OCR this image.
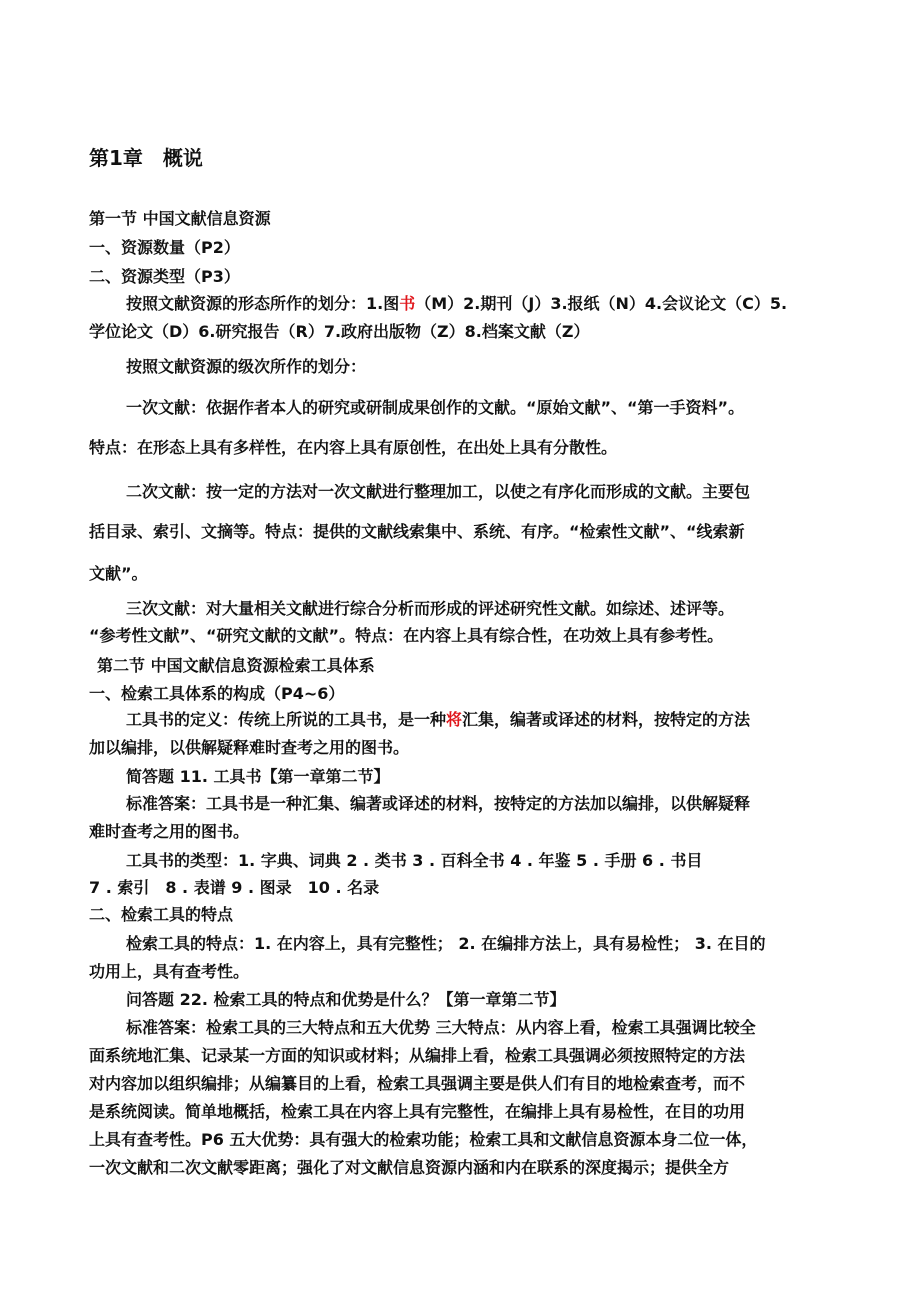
第1章　概说
第一节 中国文献信息资源
一、资源数量（P2）
二、资源类型（P3）
按照文献资源的形态所作的划分：1.图书（M）2.期刊（J）3.报纸（N）4.会议论文（C）5.
学位论文（D）6.研究报告（R）7.政府出版物（Z）8.档案文献（Z）
按照文献资源的级次所作的划分：
一次文献：依据作者本人的研究或研制成果创作的文献。“原始文献”、“第一手资料”。
特点：在形态上具有多样性，在内容上具有原创性，在出处上具有分散性。
二次文献：按一定的方法对一次文献进行整理加工，以使之有序化而形成的文献。主要包
括目录、索引、文摘等。特点：提供的文献线索集中、系统、有序。“检索性文献”、“线索新
文献”。
三次文献：对大量相关文献进行综合分析而形成的评述研究性文献。如综述、述评等。
“参考性文献”、“研究文献的文献”。特点：在内容上具有综合性，在功效上具有参考性。
第二节 中国文献信息资源检索工具体系
一、检索工具体系的构成（P4~6）
工具书的定义：传统上所说的工具书，是一种将汇集，编著或译述的材料，按特定的方法
加以编排，以供解疑释难时查考之用的图书。
简答题 11. 工具书【第一章第二节】
标准答案：工具书是一种汇集、编著或译述的材料，按特定的方法加以编排，以供解疑释
难时查考之用的图书。
工具书的类型：1. 字典、词典 2 . 类书 3 . 百科全书 4 . 年鉴 5 . 手册 6 . 书目
7 . 索引　8 . 表谱 9 . 图录　10 . 名录
二、检索工具的特点
检索工具的特点：1. 在内容上，具有完整性； 2. 在编排方法上，具有易检性； 3. 在目的
功用上，具有查考性。
问答题 22. 检索工具的特点和优势是什么？【第一章第二节】
标准答案：检索工具的三大特点和五大优势 三大特点：从内容上看，检索工具强调比较全
面系统地汇集、记录某一方面的知识或材料；从编排上看，检索工具强调必须按照特定的方法
对内容加以组织编排；从编纂目的上看，检索工具强调主要是供人们有目的地检索查考，而不
是系统阅读。简单地概括，检索工具在内容上具有完整性，在编排上具有易检性，在目的功用
上具有查考性。P6 五大优势：具有强大的检索功能；检索工具和文献信息资源本身二位一体，
一次文献和二次文献零距离；强化了对文献信息资源内涵和内在联系的深度揭示；提供全方
